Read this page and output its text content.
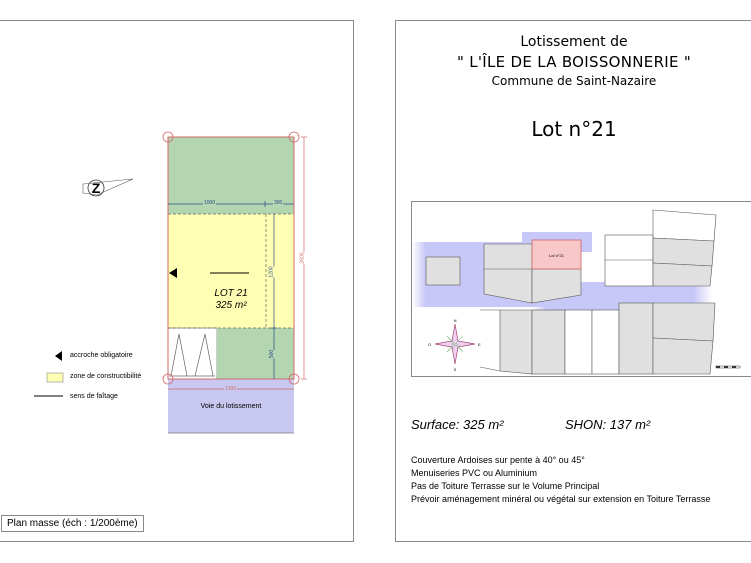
Z
1000	300
1200
500
2600
1300
LOT 21
325 m²
Voie du lotissement
accroche obligatoire
zone de constructibilité
sens de faîtage
Plan masse (éch : 1/200ème)
Lotissement de
" L'ÎLE DE LA BOISSONNERIE "
Commune de Saint-Nazaire
Lot n°21
N
E
S
O
Lot n°21
Surface: 325 m²	SHON: 137 m²
Couverture Ardoises sur pente à 40° ou 45°
Menuiseries PVC ou Aluminium
Pas de Toiture Terrasse sur le Volume Principal
Prévoir aménagement minéral ou végétal sur extension en Toiture Terrasse
